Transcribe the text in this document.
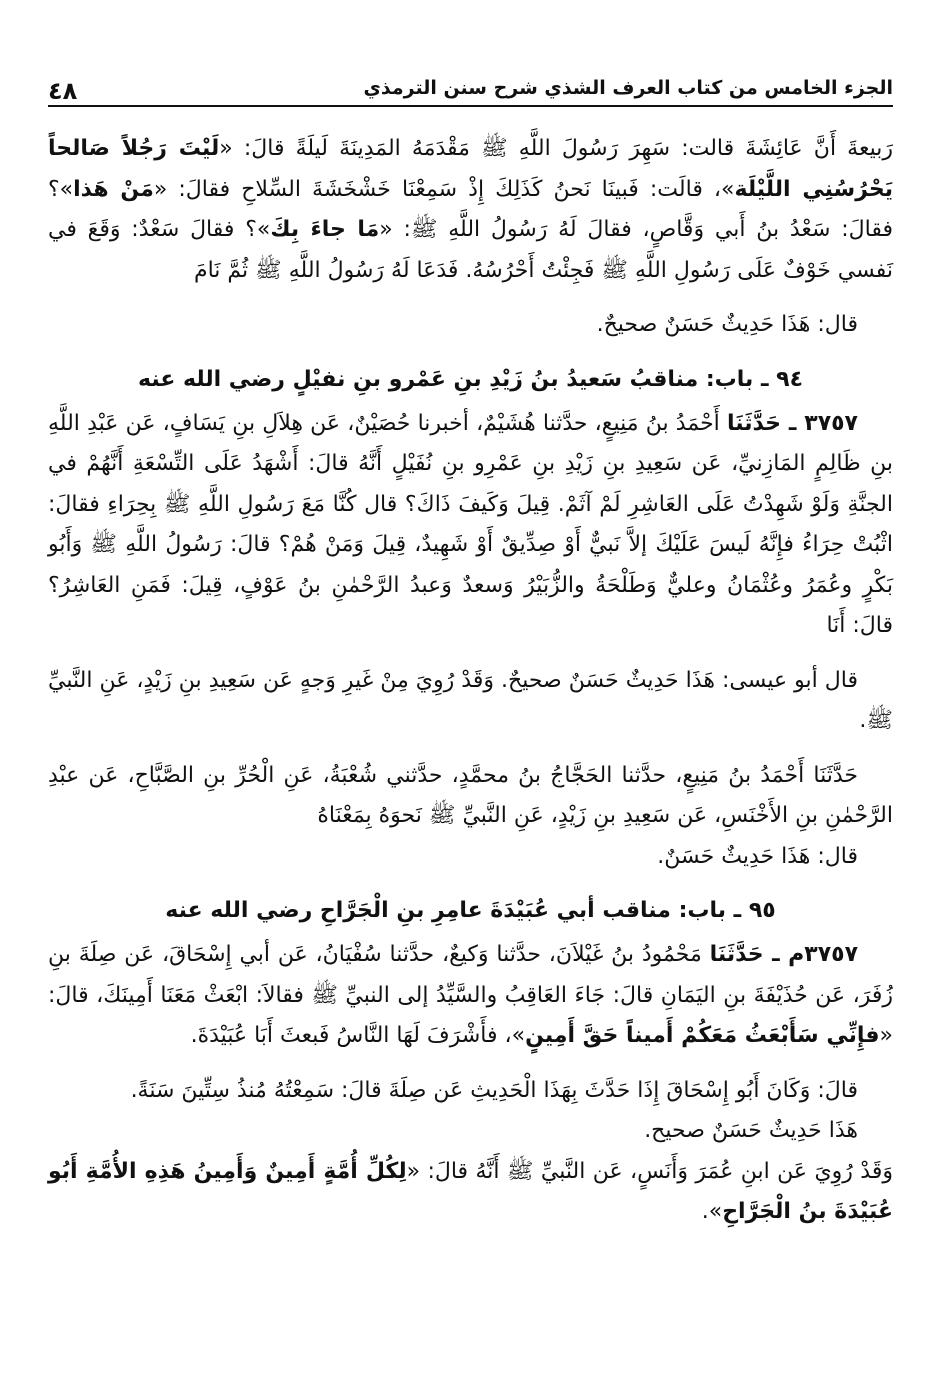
الجزء الخامس من كتاب العرف الشذي شرح سنن الترمذي
٤٨

رَبيعةَ أَنَّ عَائِشَةَ قالت: سَهِرَ رَسُولَ اللَّهِ ﷺ مَقْدَمَهُ المَدِينَةَ لَيلَةً قالَ: «لَيْتَ رَجُلاً صَالحاً يَحْرُسُنِي اللَّيْلَة»، قالَت: فَبينَا نَحنُ كَذَلِكَ إِذْ سَمِعْنَا خَشْخَشَةَ السِّلاحِ فقالَ: «مَنْ هَذا»؟ فقالَ: سَعْدُ بنُ أَبي وَقَّاصٍ، فقالَ لَهُ رَسُولُ اللَّهِ ﷺ: «مَا جاءَ بِكَ»؟ فقالَ سَعْدٌ: وَقَعَ في نَفسي خَوْفٌ عَلَى رَسُولِ اللَّهِ ﷺ فَجِئْتُ أَحْرُسُهُ. فَدَعَا لَهُ رَسُولُ اللَّهِ ﷺ ثُمَّ نَامَ

قال: هَذَا حَدِيثٌ حَسَنٌ صحيحٌ.

٩٤ ـ باب: مناقبُ سَعيدُ بنُ زَيْدِ بنِ عَمْرو بنِ نفيْلٍ رضي الله عنه

٣٧٥٧ ـ حَدَّثَنَا أَحْمَدُ بنُ مَنِيعٍ، حدَّثنا هُشَيْمٌ، أخبرنا حُصَيْنٌ، عَن هِلاَلِ بنِ يَسَافٍ، عَن عَبْدِ اللَّهِ بنِ ظَالِمٍ المَازِنيِّ، عَن سَعِيدِ بنِ زَيْدِ بنِ عَمْرِو بنِ نُفَيْلٍ أَنَّهُ قالَ: أَشْهَدُ عَلَى التِّسْعَةِ أَنَّهُمْ في الجنَّةِ وَلَوْ شَهِدْتُ عَلَى العَاشِرِ لَمْ آثَمْ. قِيلَ وَكَيفَ ذَاكَ؟ قال كُنَّا مَعَ رَسُولِ اللَّهِ ﷺ بِحِرَاءِ فقالَ: اثْبُتْ حِرَاءُ فإِنَّهُ لَيسَ عَلَيْكَ إلاَّ نَبيٌّ أَوْ صِدِّيقٌ أَوْ شَهِيدٌ، قِيلَ وَمَنْ هُمْ؟ قالَ: رَسُولُ اللَّهِ ﷺ وَأَبُو بَكْرٍ وعُمَرُ وعُثْمَانُ وعليٌّ وَطَلْحَةُ والزُّبَيْرُ وَسعدٌ وَعبدُ الرَّحْمٰنِ بنُ عَوْفٍ، قِيلَ: فَمَنِ العَاشِرُ؟ قالَ: أَنَا

قال أبو عيسى: هَذَا حَدِيثٌ حَسَنٌ صحيحٌ. وَقَدْ رُوِيَ مِنْ غَيرِ وَجهٍ عَن سَعِيدِ بنِ زَيْدٍ، عَنِ النَّبيِّ ﷺ.

حَدَّثَنَا أَحْمَدُ بنُ مَنِيعٍ، حدَّثنا الحَجَّاجُ بنُ محمَّدٍ، حدَّثني شُعْبَةُ، عَنِ الْحُرِّ بنِ الصَّبَّاحِ، عَن عبْدِ الرَّحْمٰنِ بنِ الأَخْنَسِ، عَن سَعِيدِ بنِ زَيْدٍ، عَنِ النَّبيِّ ﷺ نَحوَهُ بِمَعْنَاهُ

قال: هَذَا حَدِيثٌ حَسَنٌ.

٩٥ ـ باب: مناقب أبي عُبَيْدَةَ عامِرِ بنِ الْجَرَّاحِ رضي الله عنه

٣٧٥٧م ـ حَدَّثَنَا مَحْمُودُ بنُ غَيْلاَنَ، حدَّثنا وَكيعٌ، حدَّثنا سُفْيَانُ، عَن أبي إِسْحَاقَ، عَن صِلَةَ بنِ زُفَرَ، عَن حُذَيْفَةَ بنِ اليَمَانِ قالَ: جَاءَ العَاقِبُ والسَّيِّدُ إلى النبيِّ ﷺ فقالاَ: ابْعَثْ مَعَنَا أَمِينَكَ، قالَ: «فإِنِّي سَأَبْعَثُ مَعَكُمْ أَميناً حَقَّ أَمِينٍ»، فأَشْرَفَ لَهَا النَّاسُ فَبعثَ أَبَا عُبَيْدَةَ.

قالَ: وَكَانَ أَبُو إِسْحَاقَ إِذَا حَدَّثَ بِهَذَا الْحَدِيثِ عَن صِلَةَ قالَ: سَمِعْتُهُ مُنذُ سِتِّينَ سَنَةً.

هَذَا حَدِيثٌ حَسَنٌ صحيح.

وَقَدْ رُوِيَ عَن ابنِ عُمَرَ وَأَنَسٍ، عَن النَّبيِّ ﷺ أَنَّهُ قالَ: «لِكُلِّ أُمَّةٍ أَمِينٌ وَأَمِينُ هَذِهِ الأُمَّةِ أَبُو عُبَيْدَةَ بنُ الْجَرَّاحِ».
